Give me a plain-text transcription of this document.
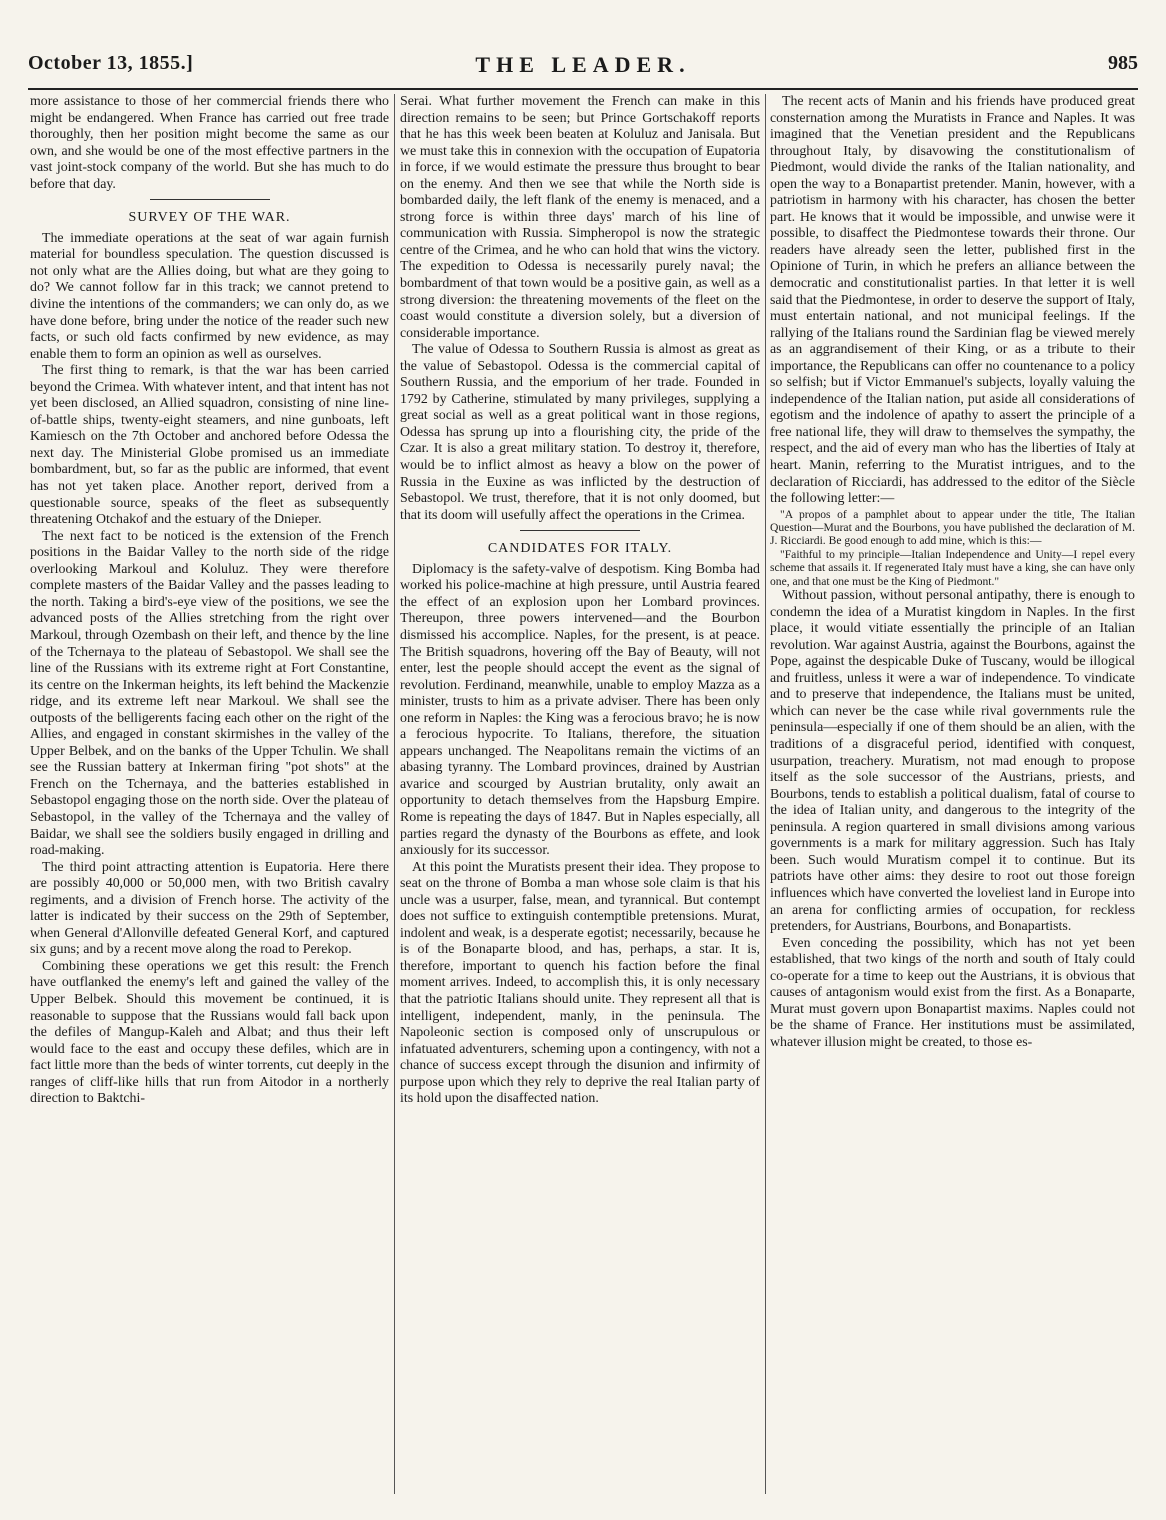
October 13, 1855.]	THE LEADER.	985

more assistance to those of her commercial friends there who might be endangered. When France has carried out free trade thoroughly, then her position might become the same as our own, and she would be one of the most effective partners in the vast joint-stock company of the world. But she has much to do before that day.

SURVEY OF THE WAR.

The immediate operations at the seat of war again furnish material for boundless speculation. The question discussed is not only what are the Allies doing, but what are they going to do? We cannot follow far in this track; we cannot pretend to divine the intentions of the commanders; we can only do, as we have done before, bring under the notice of the reader such new facts, or such old facts confirmed by new evidence, as may enable them to form an opinion as well as ourselves.

The first thing to remark, is that the war has been carried beyond the Crimea. With whatever intent, and that intent has not yet been disclosed, an Allied squadron, consisting of nine line-of-battle ships, twenty-eight steamers, and nine gunboats, left Kamiesch on the 7th October and anchored before Odessa the next day. The Ministerial Globe promised us an immediate bombardment, but, so far as the public are informed, that event has not yet taken place. Another report, derived from a questionable source, speaks of the fleet as subsequently threatening Otchakof and the estuary of the Dnieper.

The next fact to be noticed is the extension of the French positions in the Baidar Valley to the north side of the ridge overlooking Markoul and Koluluz. They were therefore complete masters of the Baidar Valley and the passes leading to the north. Taking a bird's-eye view of the positions, we see the advanced posts of the Allies stretching from the right over Markoul, through Ozembash on their left, and thence by the line of the Tchernaya to the plateau of Sebastopol. We shall see the line of the Russians with its extreme right at Fort Constantine, its centre on the Inkerman heights, its left behind the Mackenzie ridge, and its extreme left near Markoul. We shall see the outposts of the belligerents facing each other on the right of the Allies, and engaged in constant skirmishes in the valley of the Upper Belbek, and on the banks of the Upper Tchulin. We shall see the Russian battery at Inkerman firing "pot shots" at the French on the Tchernaya, and the batteries established in Sebastopol engaging those on the north side. Over the plateau of Sebastopol, in the valley of the Tchernaya and the valley of Baidar, we shall see the soldiers busily engaged in drilling and road-making.

The third point attracting attention is Eupatoria. Here there are possibly 40,000 or 50,000 men, with two British cavalry regiments, and a division of French horse. The activity of the latter is indicated by their success on the 29th of September, when General d'Allonville defeated General Korf, and captured six guns; and by a recent move along the road to Perekop.

Combining these operations we get this result: the French have outflanked the enemy's left and gained the valley of the Upper Belbek. Should this movement be continued, it is reasonable to suppose that the Russians would fall back upon the defiles of Mangup-Kaleh and Albat; and thus their left would face to the east and occupy these defiles, which are in fact little more than the beds of winter torrents, cut deeply in the ranges of cliff-like hills that run from Aitodor in a northerly direction to Baktchi-

Serai. What further movement the French can make in this direction remains to be seen; but Prince Gortschakoff reports that he has this week been beaten at Koluluz and Janisala. But we must take this in connexion with the occupation of Eupatoria in force, if we would estimate the pressure thus brought to bear on the enemy. And then we see that while the North side is bombarded daily, the left flank of the enemy is menaced, and a strong force is within three days' march of his line of communication with Russia. Simpheropol is now the strategic centre of the Crimea, and he who can hold that wins the victory. The expedition to Odessa is necessarily purely naval; the bombardment of that town would be a positive gain, as well as a strong diversion: the threatening movements of the fleet on the coast would constitute a diversion solely, but a diversion of considerable importance.

The value of Odessa to Southern Russia is almost as great as the value of Sebastopol. Odessa is the commercial capital of Southern Russia, and the emporium of her trade. Founded in 1792 by Catherine, stimulated by many privileges, supplying a great social as well as a great political want in those regions, Odessa has sprung up into a flourishing city, the pride of the Czar. It is also a great military station. To destroy it, therefore, would be to inflict almost as heavy a blow on the power of Russia in the Euxine as was inflicted by the destruction of Sebastopol. We trust, therefore, that it is not only doomed, but that its doom will usefully affect the operations in the Crimea.

CANDIDATES FOR ITALY.

Diplomacy is the safety-valve of despotism. King Bomba had worked his police-machine at high pressure, until Austria feared the effect of an explosion upon her Lombard provinces. Thereupon, three powers intervened—and the Bourbon dismissed his accomplice. Naples, for the present, is at peace. The British squadrons, hovering off the Bay of Beauty, will not enter, lest the people should accept the event as the signal of revolution. Ferdinand, meanwhile, unable to employ Mazza as a minister, trusts to him as a private adviser. There has been only one reform in Naples: the King was a ferocious bravo; he is now a ferocious hypocrite. To Italians, therefore, the situation appears unchanged. The Neapolitans remain the victims of an abasing tyranny. The Lombard provinces, drained by Austrian avarice and scourged by Austrian brutality, only await an opportunity to detach themselves from the Hapsburg Empire. Rome is repeating the days of 1847. But in Naples especially, all parties regard the dynasty of the Bourbons as effete, and look anxiously for its successor.

At this point the Muratists present their idea. They propose to seat on the throne of Bomba a man whose sole claim is that his uncle was a usurper, false, mean, and tyrannical. But contempt does not suffice to extinguish contemptible pretensions. Murat, indolent and weak, is a desperate egotist; necessarily, because he is of the Bonaparte blood, and has, perhaps, a star. It is, therefore, important to quench his faction before the final moment arrives. Indeed, to accomplish this, it is only necessary that the patriotic Italians should unite. They represent all that is intelligent, independent, manly, in the peninsula. The Napoleonic section is composed only of unscrupulous or infatuated adventurers, scheming upon a contingency, with not a chance of success except through the disunion and infirmity of purpose upon which they rely to deprive the real Italian party of its hold upon the disaffected nation.

The recent acts of Manin and his friends have produced great consternation among the Muratists in France and Naples. It was imagined that the Venetian president and the Republicans throughout Italy, by disavowing the constitutionalism of Piedmont, would divide the ranks of the Italian nationality, and open the way to a Bonapartist pretender. Manin, however, with a patriotism in harmony with his character, has chosen the better part. He knows that it would be impossible, and unwise were it possible, to disaffect the Piedmontese towards their throne. Our readers have already seen the letter, published first in the Opinione of Turin, in which he prefers an alliance between the democratic and constitutionalist parties. In that letter it is well said that the Piedmontese, in order to deserve the support of Italy, must entertain national, and not municipal feelings. If the rallying of the Italians round the Sardinian flag be viewed merely as an aggrandisement of their King, or as a tribute to their importance, the Republicans can offer no countenance to a policy so selfish; but if Victor Emmanuel's subjects, loyally valuing the independence of the Italian nation, put aside all considerations of egotism and the indolence of apathy to assert the principle of a free national life, they will draw to themselves the sympathy, the respect, and the aid of every man who has the liberties of Italy at heart. Manin, referring to the Muratist intrigues, and to the declaration of Ricciardi, has addressed to the editor of the Siècle the following letter:—

"A propos of a pamphlet about to appear under the title, The Italian Question—Murat and the Bourbons, you have published the declaration of M. J. Ricciardi. Be good enough to add mine, which is this:—

"Faithful to my principle—Italian Independence and Unity—I repel every scheme that assails it. If regenerated Italy must have a king, she can have only one, and that one must be the King of Piedmont."

Without passion, without personal antipathy, there is enough to condemn the idea of a Muratist kingdom in Naples. In the first place, it would vitiate essentially the principle of an Italian revolution. War against Austria, against the Bourbons, against the Pope, against the despicable Duke of Tuscany, would be illogical and fruitless, unless it were a war of independence. To vindicate and to preserve that independence, the Italians must be united, which can never be the case while rival governments rule the peninsula—especially if one of them should be an alien, with the traditions of a disgraceful period, identified with conquest, usurpation, treachery. Muratism, not mad enough to propose itself as the sole successor of the Austrians, priests, and Bourbons, tends to establish a political dualism, fatal of course to the idea of Italian unity, and dangerous to the integrity of the peninsula. A region quartered in small divisions among various governments is a mark for military aggression. Such has Italy been. Such would Muratism compel it to continue. But its patriots have other aims: they desire to root out those foreign influences which have converted the loveliest land in Europe into an arena for conflicting armies of occupation, for reckless pretenders, for Austrians, Bourbons, and Bonapartists.

Even conceding the possibility, which has not yet been established, that two kings of the north and south of Italy could co-operate for a time to keep out the Austrians, it is obvious that causes of antagonism would exist from the first. As a Bonaparte, Murat must govern upon Bonapartist maxims. Naples could not be the shame of France. Her institutions must be assimilated, whatever illusion might be created, to those es-
